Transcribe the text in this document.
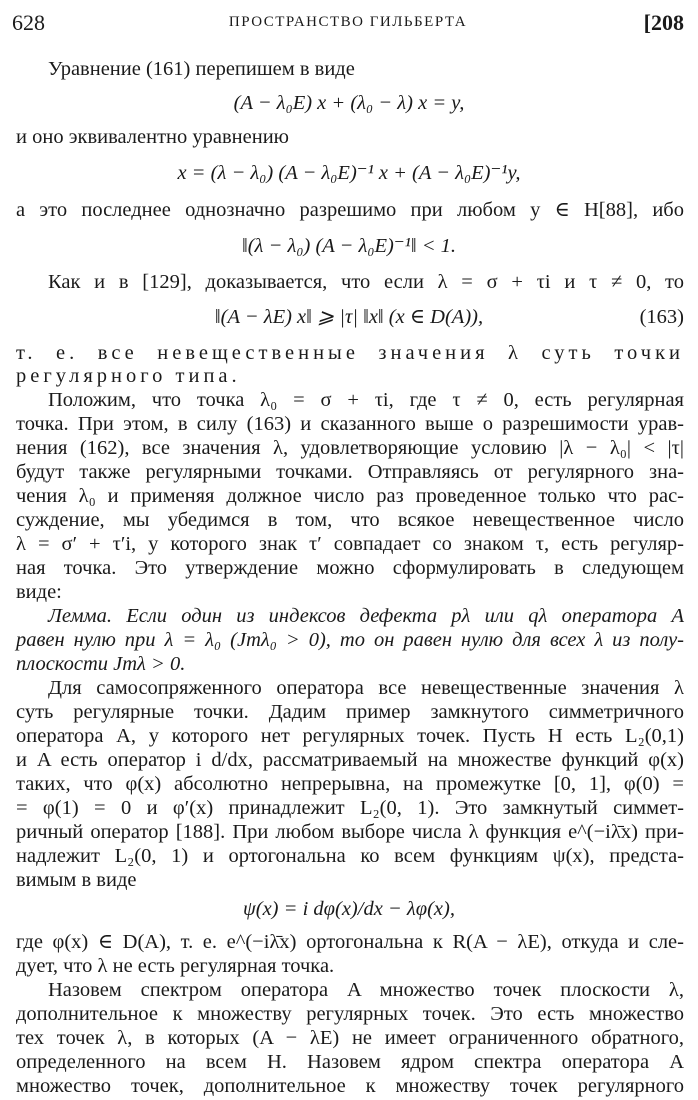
628	ПРОСТРАНСТВО ГИЛЬБЕРТА	[208
Уравнение (161) перепишем в виде
(A − λ₀E) x + (λ₀ − λ) x = y,
и оно эквивалентно уравнению
x = (λ − λ₀) (A − λ₀E)⁻¹ x + (A − λ₀E)⁻¹y,
а это последнее однозначно разрешимо при любом y ∈ H[88], ибо
‖(λ − λ₀) (A − λ₀E)⁻¹‖ < 1.
Как и в [129], доказывается, что если λ = σ + τi и τ ≠ 0, то
‖(A − λE) x‖ ⩾ |τ| ‖x‖ (x ∈ D(A)),	(163)
т. е. все невещественные значения λ суть точки
регулярного типа.
Положим, что точка λ₀ = σ + τi, где τ ≠ 0, есть регулярная
точка. При этом, в силу (163) и сказанного выше о разрешимости урав-
нения (162), все значения λ, удовлетворяющие условию |λ − λ₀| < |τ|
будут также регулярными точками. Отправляясь от регулярного зна-
чения λ₀ и применяя должное число раз проведенное только что рас-
суждение, мы убедимся в том, что всякое невещественное число
λ = σ′ + τ′i, у которого знак τ′ совпадает со знаком τ, есть регуляр-
ная точка. Это утверждение можно сформулировать в следующем
виде:
Лемма. Если один из индексов дефекта pλ или qλ оператора A
равен нулю при λ = λ₀ (Jmλ₀ > 0), то он равен нулю для всех λ из полу-
плоскости Jmλ > 0.
Для самосопряженного оператора все невещественные значения λ
суть регулярные точки. Дадим пример замкнутого симметричного
оператора A, у которого нет регулярных точек. Пусть H есть L₂(0,1)
и A есть оператор i d/dx, рассматриваемый на множестве функций φ(x)
таких, что φ(x) абсолютно непрерывна, на промежутке [0, 1], φ(0) =
= φ(1) = 0 и φ′(x) принадлежит L₂(0, 1). Это замкнутый симмет-
ричный оператор [188]. При любом выборе числа λ функция e^(−iλ̄x) при-
надлежит L₂(0, 1) и ортогональна ко всем функциям ψ(x), предста-
вимым в виде
ψ(x) = i dφ(x)/dx − λφ(x),
где φ(x) ∈ D(A), т. е. e^(−iλ̄x) ортогональна к R(A − λE), откуда и сле-
дует, что λ не есть регулярная точка.
Назовем спектром оператора A множество точек плоскости λ,
дополнительное к множеству регулярных точек. Это есть множество
тех точек λ, в которых (A − λE) не имеет ограниченного обратного,
определенного на всем H. Назовем ядром спектра оператора A
множество точек, дополнительное к множеству точек регулярного
